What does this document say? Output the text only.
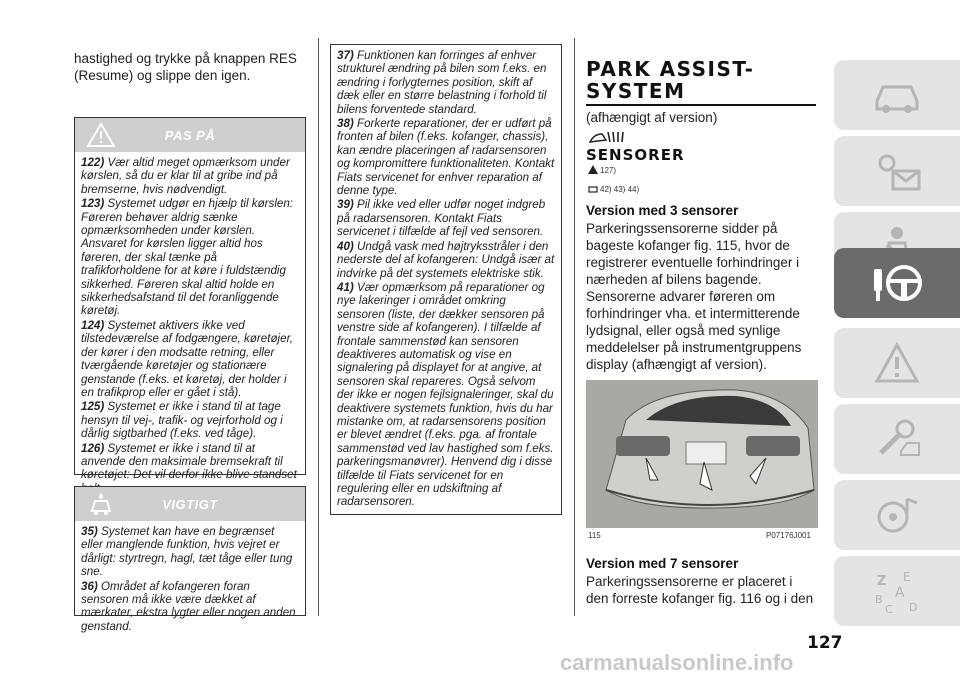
hastighed og trykke på knappen RES (Resume) og slippe den igen.
PAS PÅ

122) Vær altid meget opmærksom under kørslen, så du er klar til at gribe ind på bremserne, hvis nødvendigt.

123) Systemet udgør en hjælp til kørslen: Føreren behøver aldrig sænke opmærksomheden under kørslen. Ansvaret for kørslen ligger altid hos føreren, der skal tænke på trafikforholdene for at køre i fuldstændig sikkerhed. Føreren skal altid holde en sikkerhedsafstand til det foranliggende køretøj.

124) Systemet aktivers ikke ved tilstedeværelse af fodgængere, køretøjer, der kører i den modsatte retning, eller tværgående køretøjer og stationære genstande (f.eks. et køretøj, der holder i en trafikprop eller er gået i stå).

125) Systemet er ikke i stand til at tage hensyn til vej-, trafik- og vejrforhold og i dårlig sigtbarhed (f.eks. ved tåge).

126) Systemet er ikke i stand til at anvende den maksimale bremsekraft til køretøjet: Det vil derfor ikke blive standset

VIGTIGT

35) Systemet kan have en begrænset eller manglende funktion, hvis vejret er dårligt: styrtregn, hagl, tæt tåge eller tung sne.

36) Området af kofangeren foran sensoren må ikke være dækket af mærkater, ekstra lygter eller nogen anden genstand.

37) Funktionen kan forringes af enhver strukturel ændring på bilen som f.eks. en ændring i forlygternes position, skift af dæk eller en større belastning i forhold til bilens forventede standard.

38) Forkerte reparationer, der er udført på fronten af bilen (f.eks. kofanger, chassis), kan ændre placeringen af radarsensoren og kompromittere funktionaliteten. Kontakt Fiats servicenet for enhver reparation af denne type.

39) Pil ikke ved eller udfør noget indgreb på radarsensoren. Kontakt Fiats servicenet i tilfælde af fejl ved sensoren.

40) Undgå vask med højtryksstråler i den nederste del af kofangeren: Undgå især at indvirke på det systemets elektriske stik.

41) Vær opmærksom på reparationer og nye lakeringer i området omkring sensoren (liste, der dækker sensoren på venstre side af kofangeren). I tilfælde af frontale sammenstød kan sensoren deaktiveres automatisk og vise en signalering på displayet for at angive, at sensoren skal repareres. Også selvom der ikke er nogen fejlsignaleringer, skal du deaktivere systemets funktion, hvis du har mistanke om, at radarsensorens position er blevet ændret (f.eks. pga. af frontale sammenstød ved lav hastighed som f.eks. parkeringsmanøvrer). Henvend dig i disse tilfælde til Fiats servicenet for en regulering eller en udskiftning af radarsensoren.

PARK ASSIST-
SYSTEM
(afhængigt af version)
SENSORER
127)
42) 43) 44)
Version med 3 sensorer
Parkeringssensorerne sidder på bageste kofanger fig. 115, hvor de registrerer eventuelle forhindringer i nærheden af bilens bagende.
Sensorerne advarer føreren om forhindringer vha. et intermitterende lydsignal, eller også med synlige meddelelser på instrumentgruppens display (afhængigt af version).
115	P07176J001
Version med 7 sensorer
Parkeringssensorerne er placeret i den forreste kofanger fig. 116 og i den
127
carmanualsonline.info
Z E
A
B
C D
